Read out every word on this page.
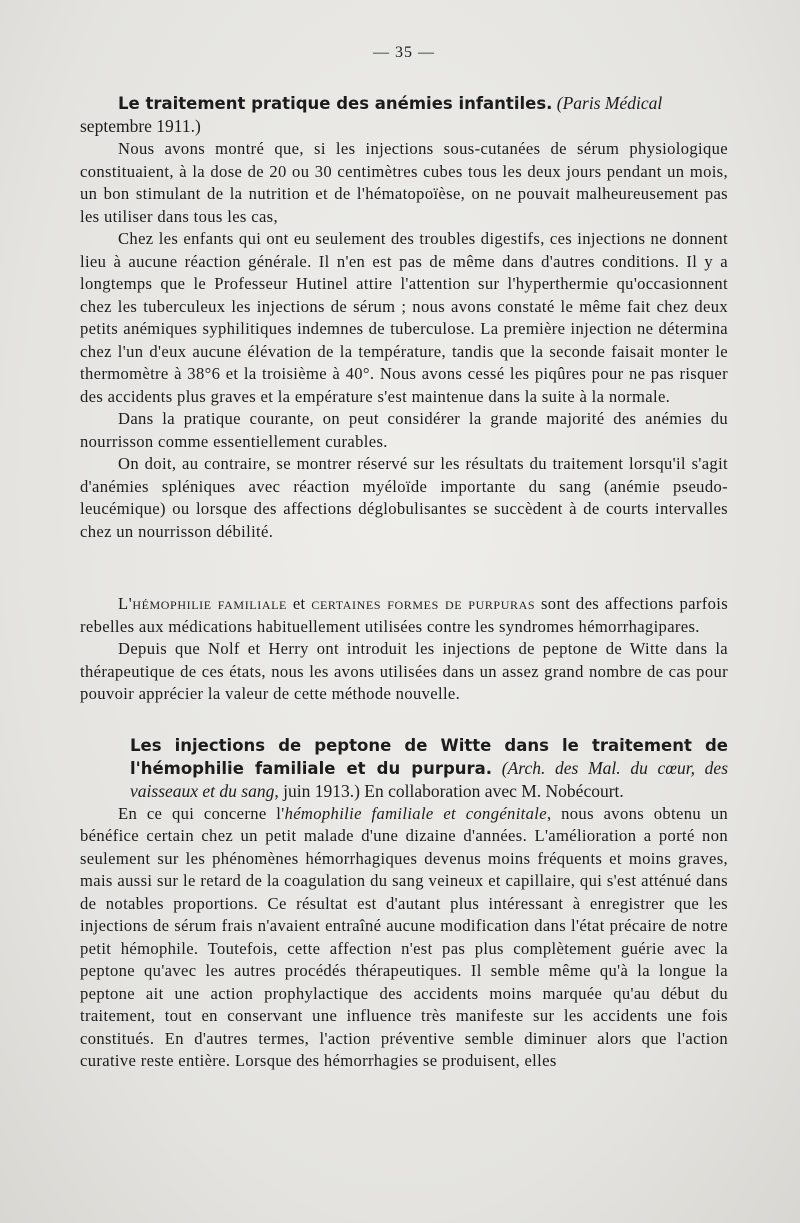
— 35 —

Le traitement pratique des anémies infantiles. (Paris Médical
septembre 1911.)

Nous avons montré que, si les injections sous-cutanées de sérum physiologique constituaient, à la dose de 20 ou 30 centimètres cubes tous les deux jours pendant un mois, un bon stimulant de la nutrition et de l'hématopoïèse, on ne pouvait malheureusement pas les utiliser dans tous les cas,

Chez les enfants qui ont eu seulement des troubles digestifs, ces injections ne donnent lieu à aucune réaction générale. Il n'en est pas de même dans d'autres conditions. Il y a longtemps que le Professeur Hutinel attire l'attention sur l'hyperthermie qu'occasionnent chez les tuberculeux les injections de sérum ; nous avons constaté le même fait chez deux petits anémiques syphilitiques indemnes de tuberculose. La première injection ne détermina chez l'un d'eux aucune élévation de la température, tandis que la seconde faisait monter le thermomètre à 38°6 et la troisième à 40°. Nous avons cessé les piqûres pour ne pas risquer des accidents plus graves et la empérature s'est maintenue dans la suite à la normale.

Dans la pratique courante, on peut considérer la grande majorité des anémies du nourrisson comme essentiellement curables.

On doit, au contraire, se montrer réservé sur les résultats du traitement lorsqu'il s'agit d'anémies spléniques avec réaction myéloïde importante du sang (anémie pseudo-leucémique) ou lorsque des affections déglobulisantes se succèdent à de courts intervalles chez un nourrisson débilité.

L'hémophilie familiale et certaines formes de purpuras sont des affections parfois rebelles aux médications habituellement utilisées contre les syndromes hémorrhagipares.

Depuis que Nolf et Herry ont introduit les injections de peptone de Witte dans la thérapeutique de ces états, nous les avons utilisées dans un assez grand nombre de cas pour pouvoir apprécier la valeur de cette méthode nouvelle.

Les injections de peptone de Witte dans le traitement de l'hémophilie familiale et du purpura. (Arch. des Mal. du cœur, des vaisseaux et du sang, juin 1913.) En collaboration avec M. Nobécourt.

En ce qui concerne l'hémophilie familiale et congénitale, nous avons obtenu un bénéfice certain chez un petit malade d'une dizaine d'années. L'amélioration a porté non seulement sur les phénomènes hémorrhagiques devenus moins fréquents et moins graves, mais aussi sur le retard de la coagulation du sang veineux et capillaire, qui s'est atténué dans de notables proportions. Ce résultat est d'autant plus intéressant à enregistrer que les injections de sérum frais n'avaient entraîné aucune modification dans l'état précaire de notre petit hémophile. Toutefois, cette affection n'est pas plus complètement guérie avec la peptone qu'avec les autres procédés thérapeutiques. Il semble même qu'à la longue la peptone ait une action prophylactique des accidents moins marquée qu'au début du traitement, tout en conservant une influence très manifeste sur les accidents une fois constitués. En d'autres termes, l'action préventive semble diminuer alors que l'action curative reste entière. Lorsque des hémorrhagies se produisent, elles
